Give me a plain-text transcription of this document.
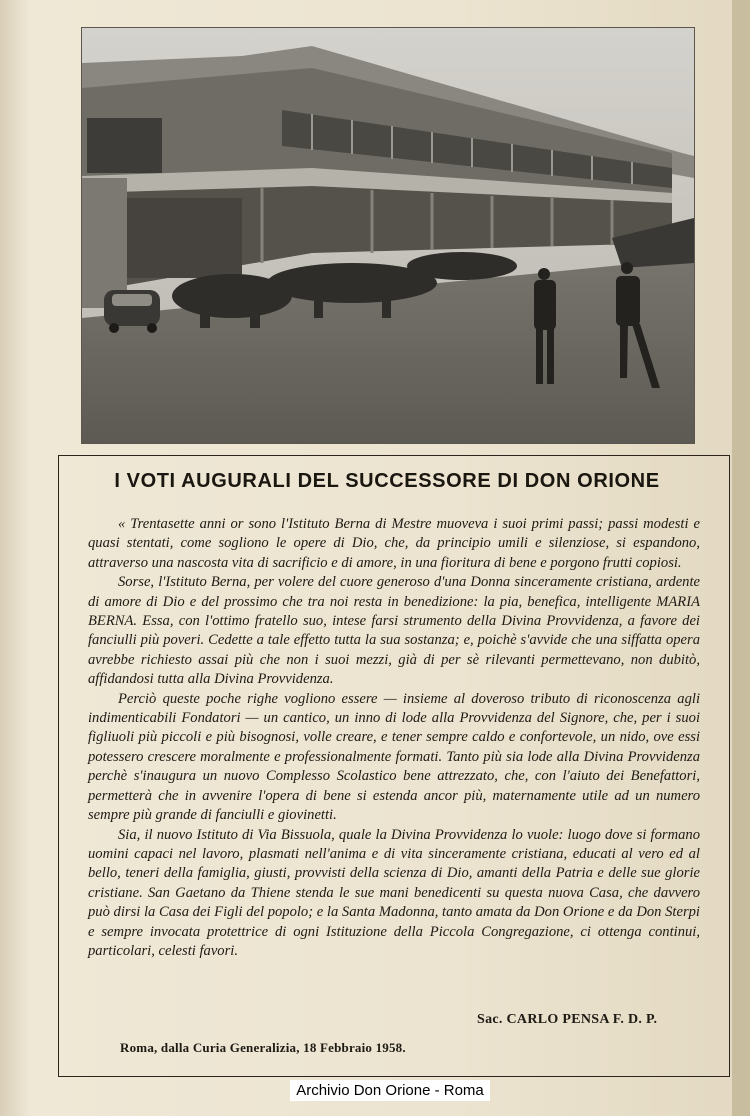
I VOTI AUGURALI DEL SUCCESSORE DI DON ORIONE

« Trentasette anni or sono l'Istituto Berna di Mestre muoveva i suoi primi passi; passi modesti e quasi stentati, come sogliono le opere di Dio, che, da principio umili e silenziose, si espandono, attraverso una nascosta vita di sacrificio e di amore, in una fioritura di bene e porgono frutti copiosi.

Sorse, l'Istituto Berna, per volere del cuore generoso d'una Donna sinceramente cristiana, ardente di amore di Dio e del prossimo che tra noi resta in benedizione: la pia, benefica, intelligente MARIA BERNA. Essa, con l'ottimo fratello suo, intese farsi strumento della Divina Provvidenza, a favore dei fanciulli più poveri. Cedette a tale effetto tutta la sua sostanza; e, poichè s'avvide che una siffatta opera avrebbe richiesto assai più che non i suoi mezzi, già di per sè rilevanti permettevano, non dubitò, affidandosi tutta alla Divina Provvidenza.

Perciò queste poche righe vogliono essere — insieme al doveroso tributo di riconoscenza agli indimenticabili Fondatori — un cantico, un inno di lode alla Provvidenza del Signore, che, per i suoi figliuoli più piccoli e più bisognosi, volle creare, e tener sempre caldo e confortevole, un nido, ove essi potessero crescere moralmente e professionalmente formati. Tanto più sia lode alla Divina Provvidenza perchè s'inaugura un nuovo Complesso Scolastico bene attrezzato, che, con l'aiuto dei Benefattori, permetterà che in avvenire l'opera di bene si estenda ancor più, maternamente utile ad un numero sempre più grande di fanciulli e giovinetti.

Sia, il nuovo Istituto di Via Bissuola, quale la Divina Provvidenza lo vuole: luogo dove si formano uomini capaci nel lavoro, plasmati nell'anima e di vita sinceramente cristiana, educati al vero ed al bello, teneri della famiglia, giusti, provvisti della scienza di Dio, amanti della Patria e delle sue glorie cristiane. San Gaetano da Thiene stenda le sue mani benedicenti su questa nuova Casa, che davvero può dirsi la Casa dei Figli del popolo; e la Santa Madonna, tanto amata da Don Orione e da Don Sterpi e sempre invocata protettrice di ogni Istituzione della Piccola Congregazione, ci ottenga continui, particolari, celesti favori.

Sac. CARLO PENSA F. D. P.
Roma, dalla Curia Generalizia, 18 Febbraio 1958.
Archivio Don Orione - Roma
